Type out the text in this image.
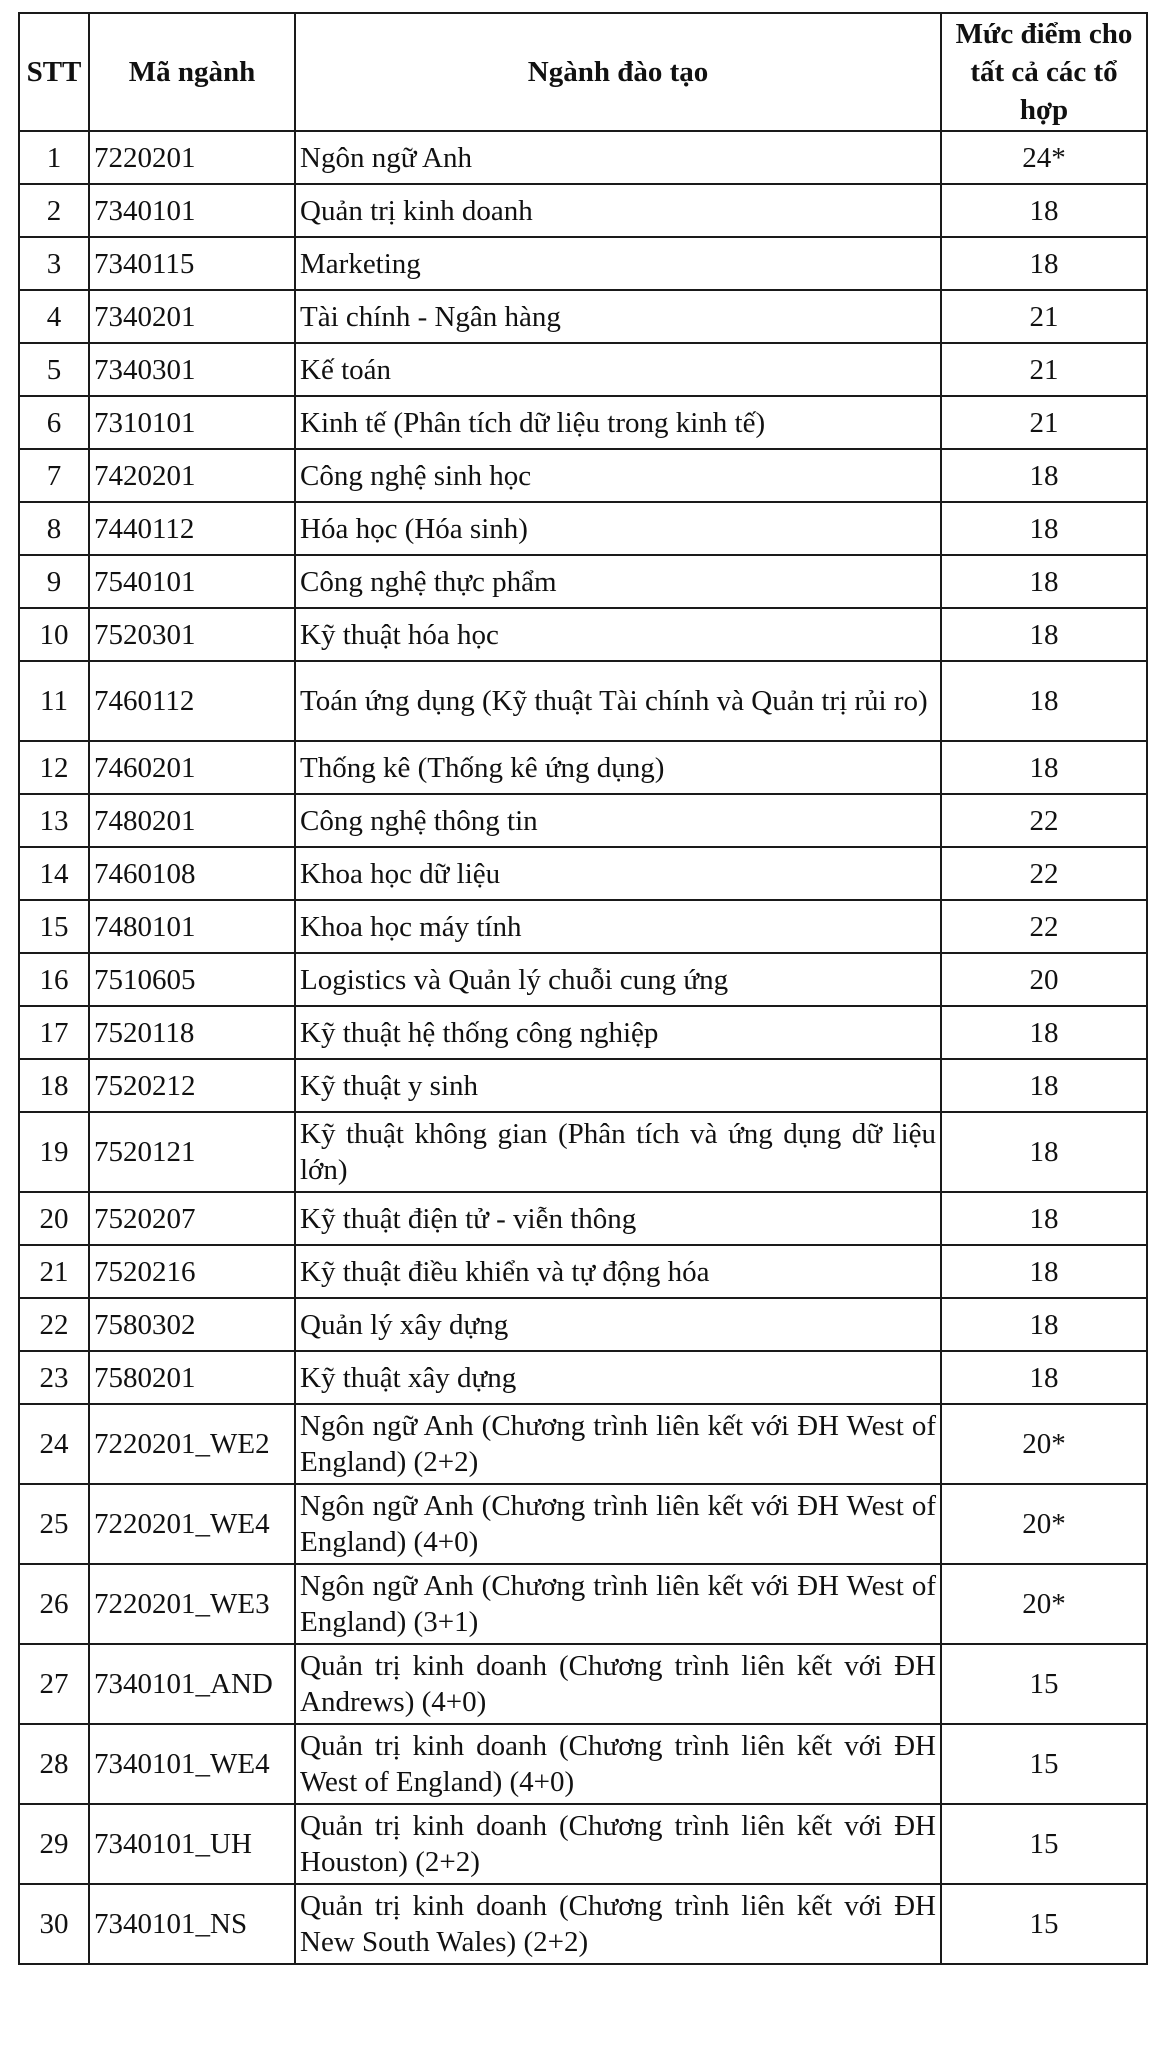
STT	Mã ngành	Ngành đào tạo	Mức điểm cho tất cả các tổ hợp
1	7220201	Ngôn ngữ Anh	24*
2	7340101	Quản trị kinh doanh	18
3	7340115	Marketing	18
4	7340201	Tài chính - Ngân hàng	21
5	7340301	Kế toán	21
6	7310101	Kinh tế (Phân tích dữ liệu trong kinh tế)	21
7	7420201	Công nghệ sinh học	18
8	7440112	Hóa học (Hóa sinh)	18
9	7540101	Công nghệ thực phẩm	18
10	7520301	Kỹ thuật hóa học	18
11	7460112	Toán ứng dụng (Kỹ thuật Tài chính và Quản trị rủi ro)	18
12	7460201	Thống kê (Thống kê ứng dụng)	18
13	7480201	Công nghệ thông tin	22
14	7460108	Khoa học dữ liệu	22
15	7480101	Khoa học máy tính	22
16	7510605	Logistics và Quản lý chuỗi cung ứng	20
17	7520118	Kỹ thuật hệ thống công nghiệp	18
18	7520212	Kỹ thuật y sinh	18
19	7520121	Kỹ thuật không gian (Phân tích và ứng dụng dữ liệu lớn)	18
20	7520207	Kỹ thuật điện tử - viễn thông	18
21	7520216	Kỹ thuật điều khiển và tự động hóa	18
22	7580302	Quản lý xây dựng	18
23	7580201	Kỹ thuật xây dựng	18
24	7220201_WE2	Ngôn ngữ Anh (Chương trình liên kết với ĐH West of England) (2+2)	20*
25	7220201_WE4	Ngôn ngữ Anh (Chương trình liên kết với ĐH West of England) (4+0)	20*
26	7220201_WE3	Ngôn ngữ Anh (Chương trình liên kết với ĐH West of England) (3+1)	20*
27	7340101_AND	Quản trị kinh doanh (Chương trình liên kết với ĐH Andrews) (4+0)	15
28	7340101_WE4	Quản trị kinh doanh (Chương trình liên kết với ĐH West of England) (4+0)	15
29	7340101_UH	Quản trị kinh doanh (Chương trình liên kết với ĐH Houston) (2+2)	15
30	7340101_NS	Quản trị kinh doanh (Chương trình liên kết với ĐH New South Wales) (2+2)	15
